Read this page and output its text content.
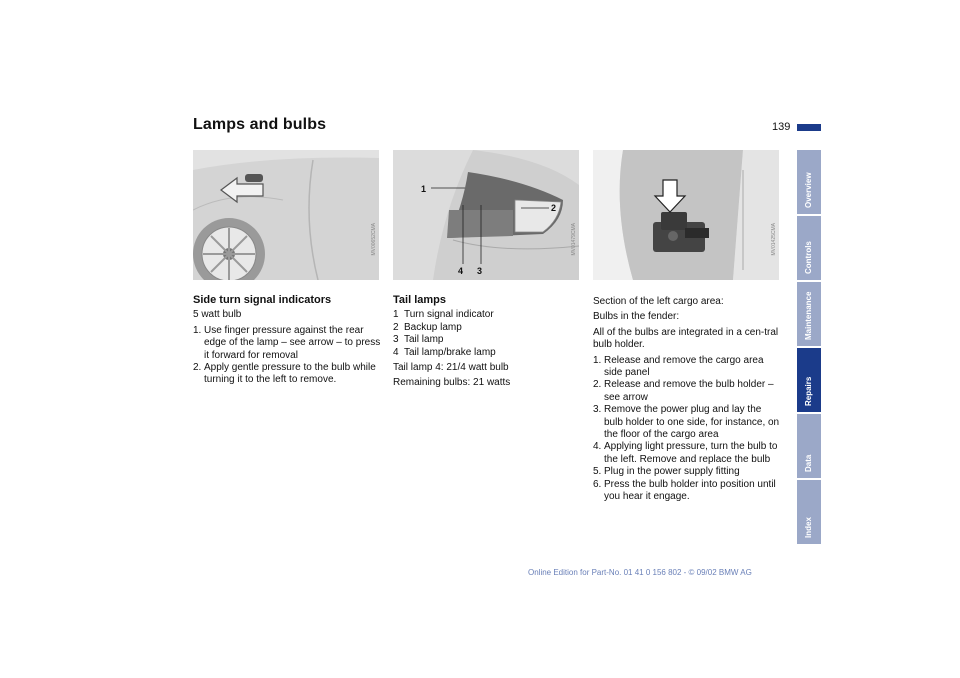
Lamps and bulbs	139
MV00652CMA
1
2
4 3
MV01479CMA	MV01425CMA
Side turn signal indicators

5 watt bulb

1. Use finger pressure against the rear edge of the lamp – see arrow – to press it forward for removal
2. Apply gentle pressure to the bulb while turning it to the left to remove.
Tail lamps
1 Turn signal indicator
2 Backup lamp
3 Tail lamp
4 Tail lamp/brake lamp

Tail lamp 4: 21/4 watt bulb

Remaining bulbs: 21 watts

Section of the left cargo area:

Bulbs in the fender:

All of the bulbs are integrated in a cen-tral bulb holder.

1. Release and remove the cargo area side panel
2. Release and remove the bulb holder – see arrow
3. Remove the power plug and lay the bulb holder to one side, for instance, on the floor of the cargo area
4. Applying light pressure, turn the bulb to the left. Remove and replace the bulb
5. Plug in the power supply fitting
6. Press the bulb holder into position until you hear it engage.
Overview
Controls
Maintenance
Repairs
Data
Index
Online Edition for Part-No. 01 41 0 156 802 - © 09/02 BMW AG
